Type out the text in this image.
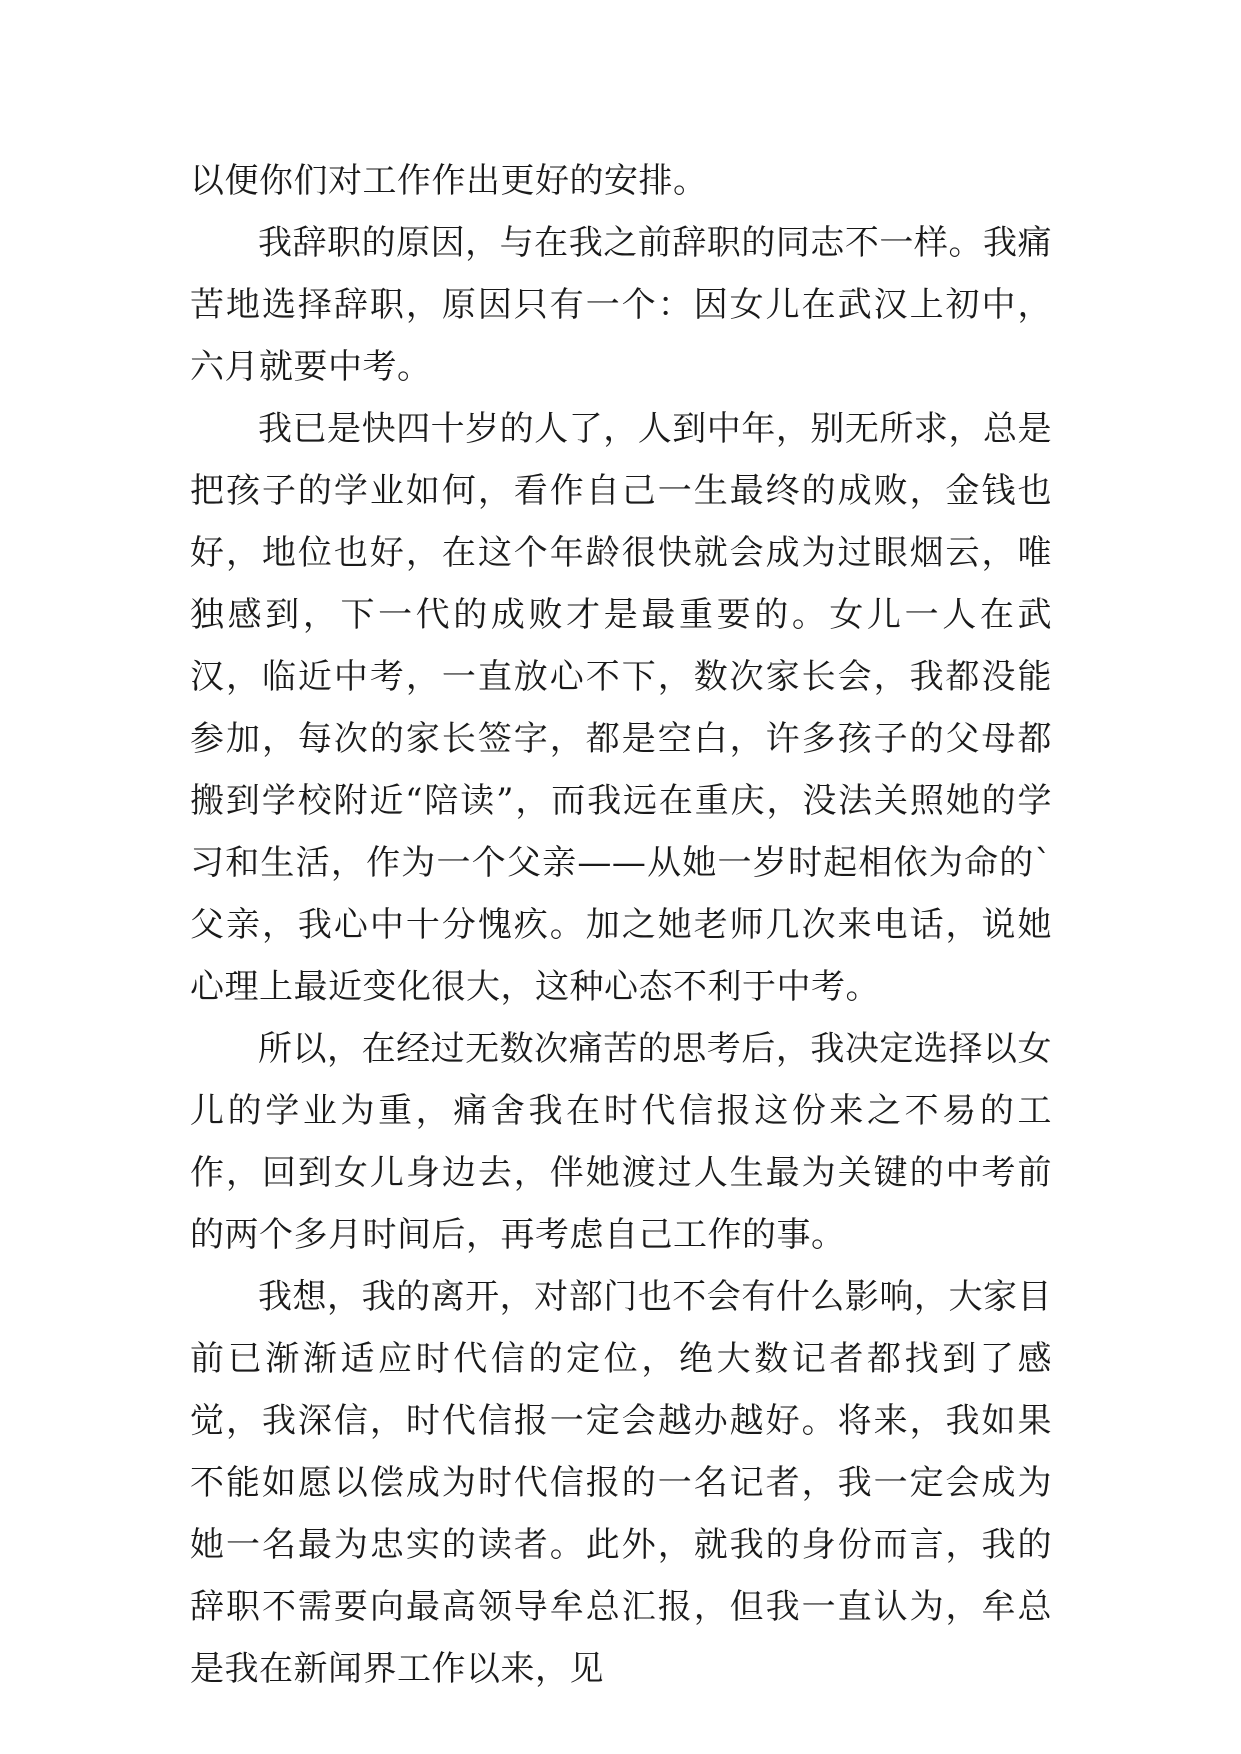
以便你们对工作作出更好的安排。

我辞职的原因，与在我之前辞职的同志不一样。我痛苦地选择辞职，原因只有一个：因女儿在武汉上初中，六月就要中考。

我已是快四十岁的人了，人到中年，别无所求，总是把孩子的学业如何，看作自己一生最终的成败，金钱也好，地位也好，在这个年龄很快就会成为过眼烟云，唯独感到，下一代的成败才是最重要的。女儿一人在武汉，临近中考，一直放心不下，数次家长会，我都没能参加，每次的家长签字，都是空白，许多孩子的父母都搬到学校附近“陪读”，而我远在重庆，没法关照她的学习和生活，作为一个父亲——从她一岁时起相依为命的`父亲，我心中十分愧疚。加之她老师几次来电话，说她心理上最近变化很大，这种心态不利于中考。

所以，在经过无数次痛苦的思考后，我决定选择以女儿的学业为重，痛舍我在时代信报这份来之不易的工作，回到女儿身边去，伴她渡过人生最为关键的中考前的两个多月时间后，再考虑自己工作的事。

我想，我的离开，对部门也不会有什么影响，大家目前已渐渐适应时代信的定位，绝大数记者都找到了感觉，我深信，时代信报一定会越办越好。将来，我如果不能如愿以偿成为时代信报的一名记者，我一定会成为她一名最为忠实的读者。此外，就我的身份而言，我的辞职不需要向最高领导牟总汇报，但我一直认为，牟总是我在新闻界工作以来，见
